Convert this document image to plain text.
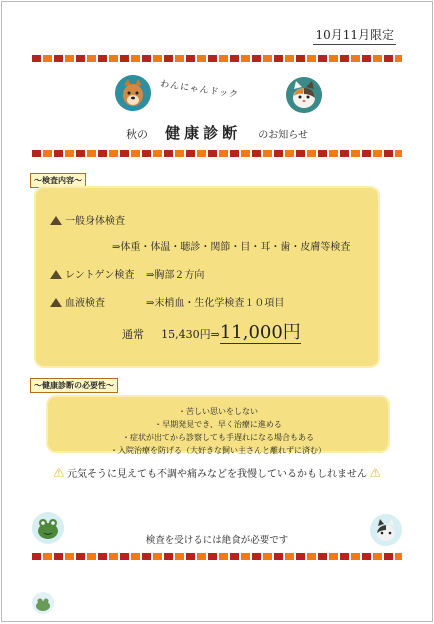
10月11月限定
わんにゃんドック
秋の 健康診断 のお知らせ
〜検査内容〜
一般身体検査
⇒体重・体温・聴診・関節・目・耳・歯・皮膚等検査
レントゲン検査 ⇒胸部２方向
血液検査	⇒末梢血・生化学検査１０項目
通常 15,430円⇒11,000円
〜健康診断の必要性〜
・苦しい思いをしない
・早期発見でき、早く治療に進める
・症状が出てから診察しても手遅れになる場合もある
・入院治療を防げる（大好きな飼い主さんと離れずに済む）
⚠ 元気そうに見えても不調や痛みなどを我慢しているかもしれません ⚠
検査を受けるには絶食が必要です
